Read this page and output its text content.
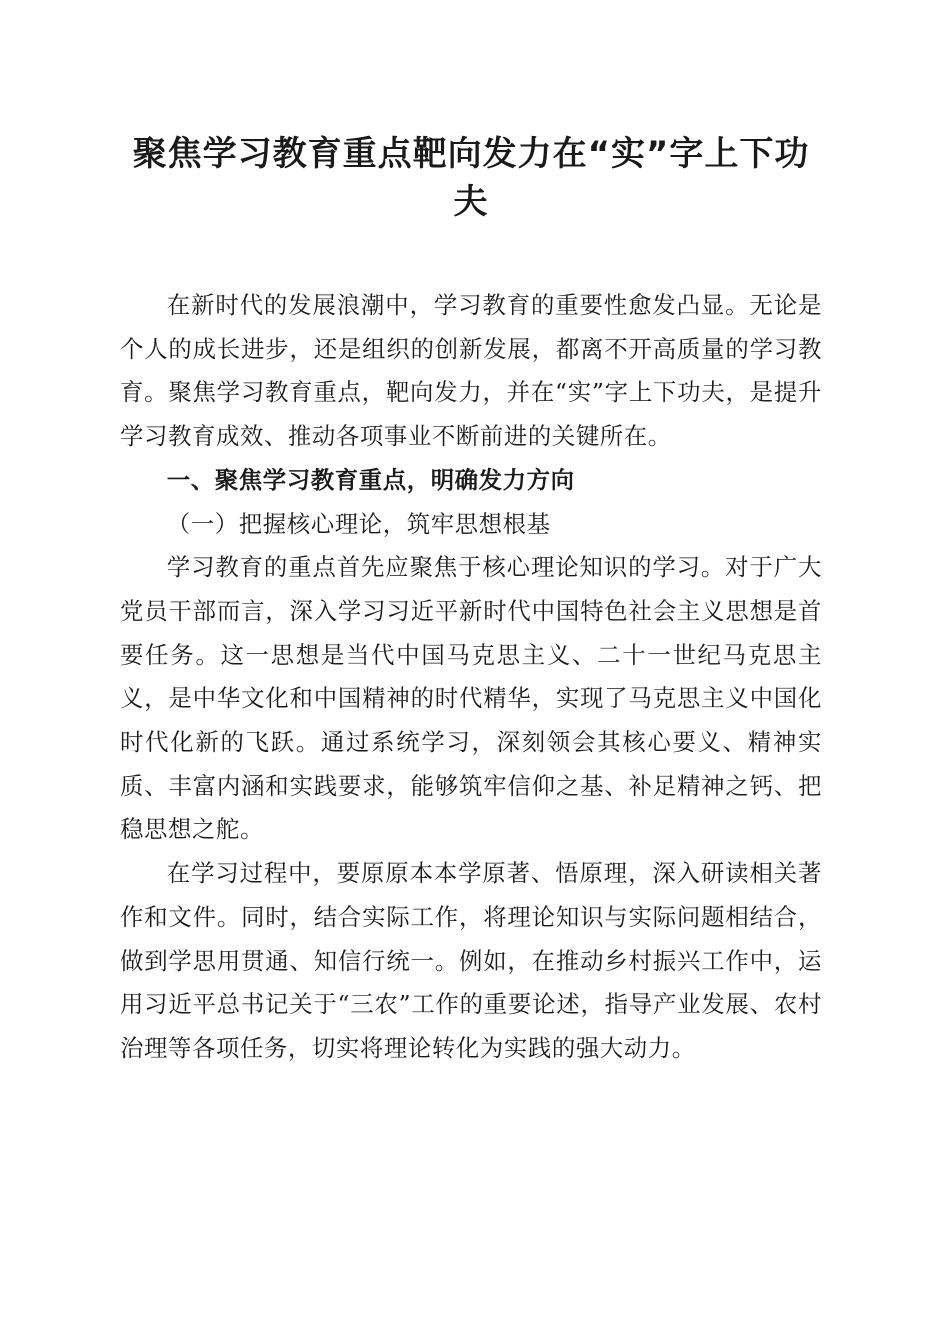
聚焦学习教育重点靶向发力在“实”字上下功夫

在新时代的发展浪潮中，学习教育的重要性愈发凸显。无论是个人的成长进步，还是组织的创新发展，都离不开高质量的学习教育。聚焦学习教育重点，靶向发力，并在“实”字上下功夫，是提升学习教育成效、推动各项事业不断前进的关键所在。

一、聚焦学习教育重点，明确发力方向

（一）把握核心理论，筑牢思想根基

学习教育的重点首先应聚焦于核心理论知识的学习。对于广大党员干部而言，深入学习习近平新时代中国特色社会主义思想是首要任务。这一思想是当代中国马克思主义、二十一世纪马克思主义，是中华文化和中国精神的时代精华，实现了马克思主义中国化时代化新的飞跃。通过系统学习，深刻领会其核心要义、精神实质、丰富内涵和实践要求，能够筑牢信仰之基、补足精神之钙、把稳思想之舵。

在学习过程中，要原原本本学原著、悟原理，深入研读相关著作和文件。同时，结合实际工作，将理论知识与实际问题相结合，做到学思用贯通、知信行统一。例如，在推动乡村振兴工作中，运用习近平总书记关于“三农”工作的重要论述，指导产业发展、农村治理等各项任务，切实将理论转化为实践的强大动力。
